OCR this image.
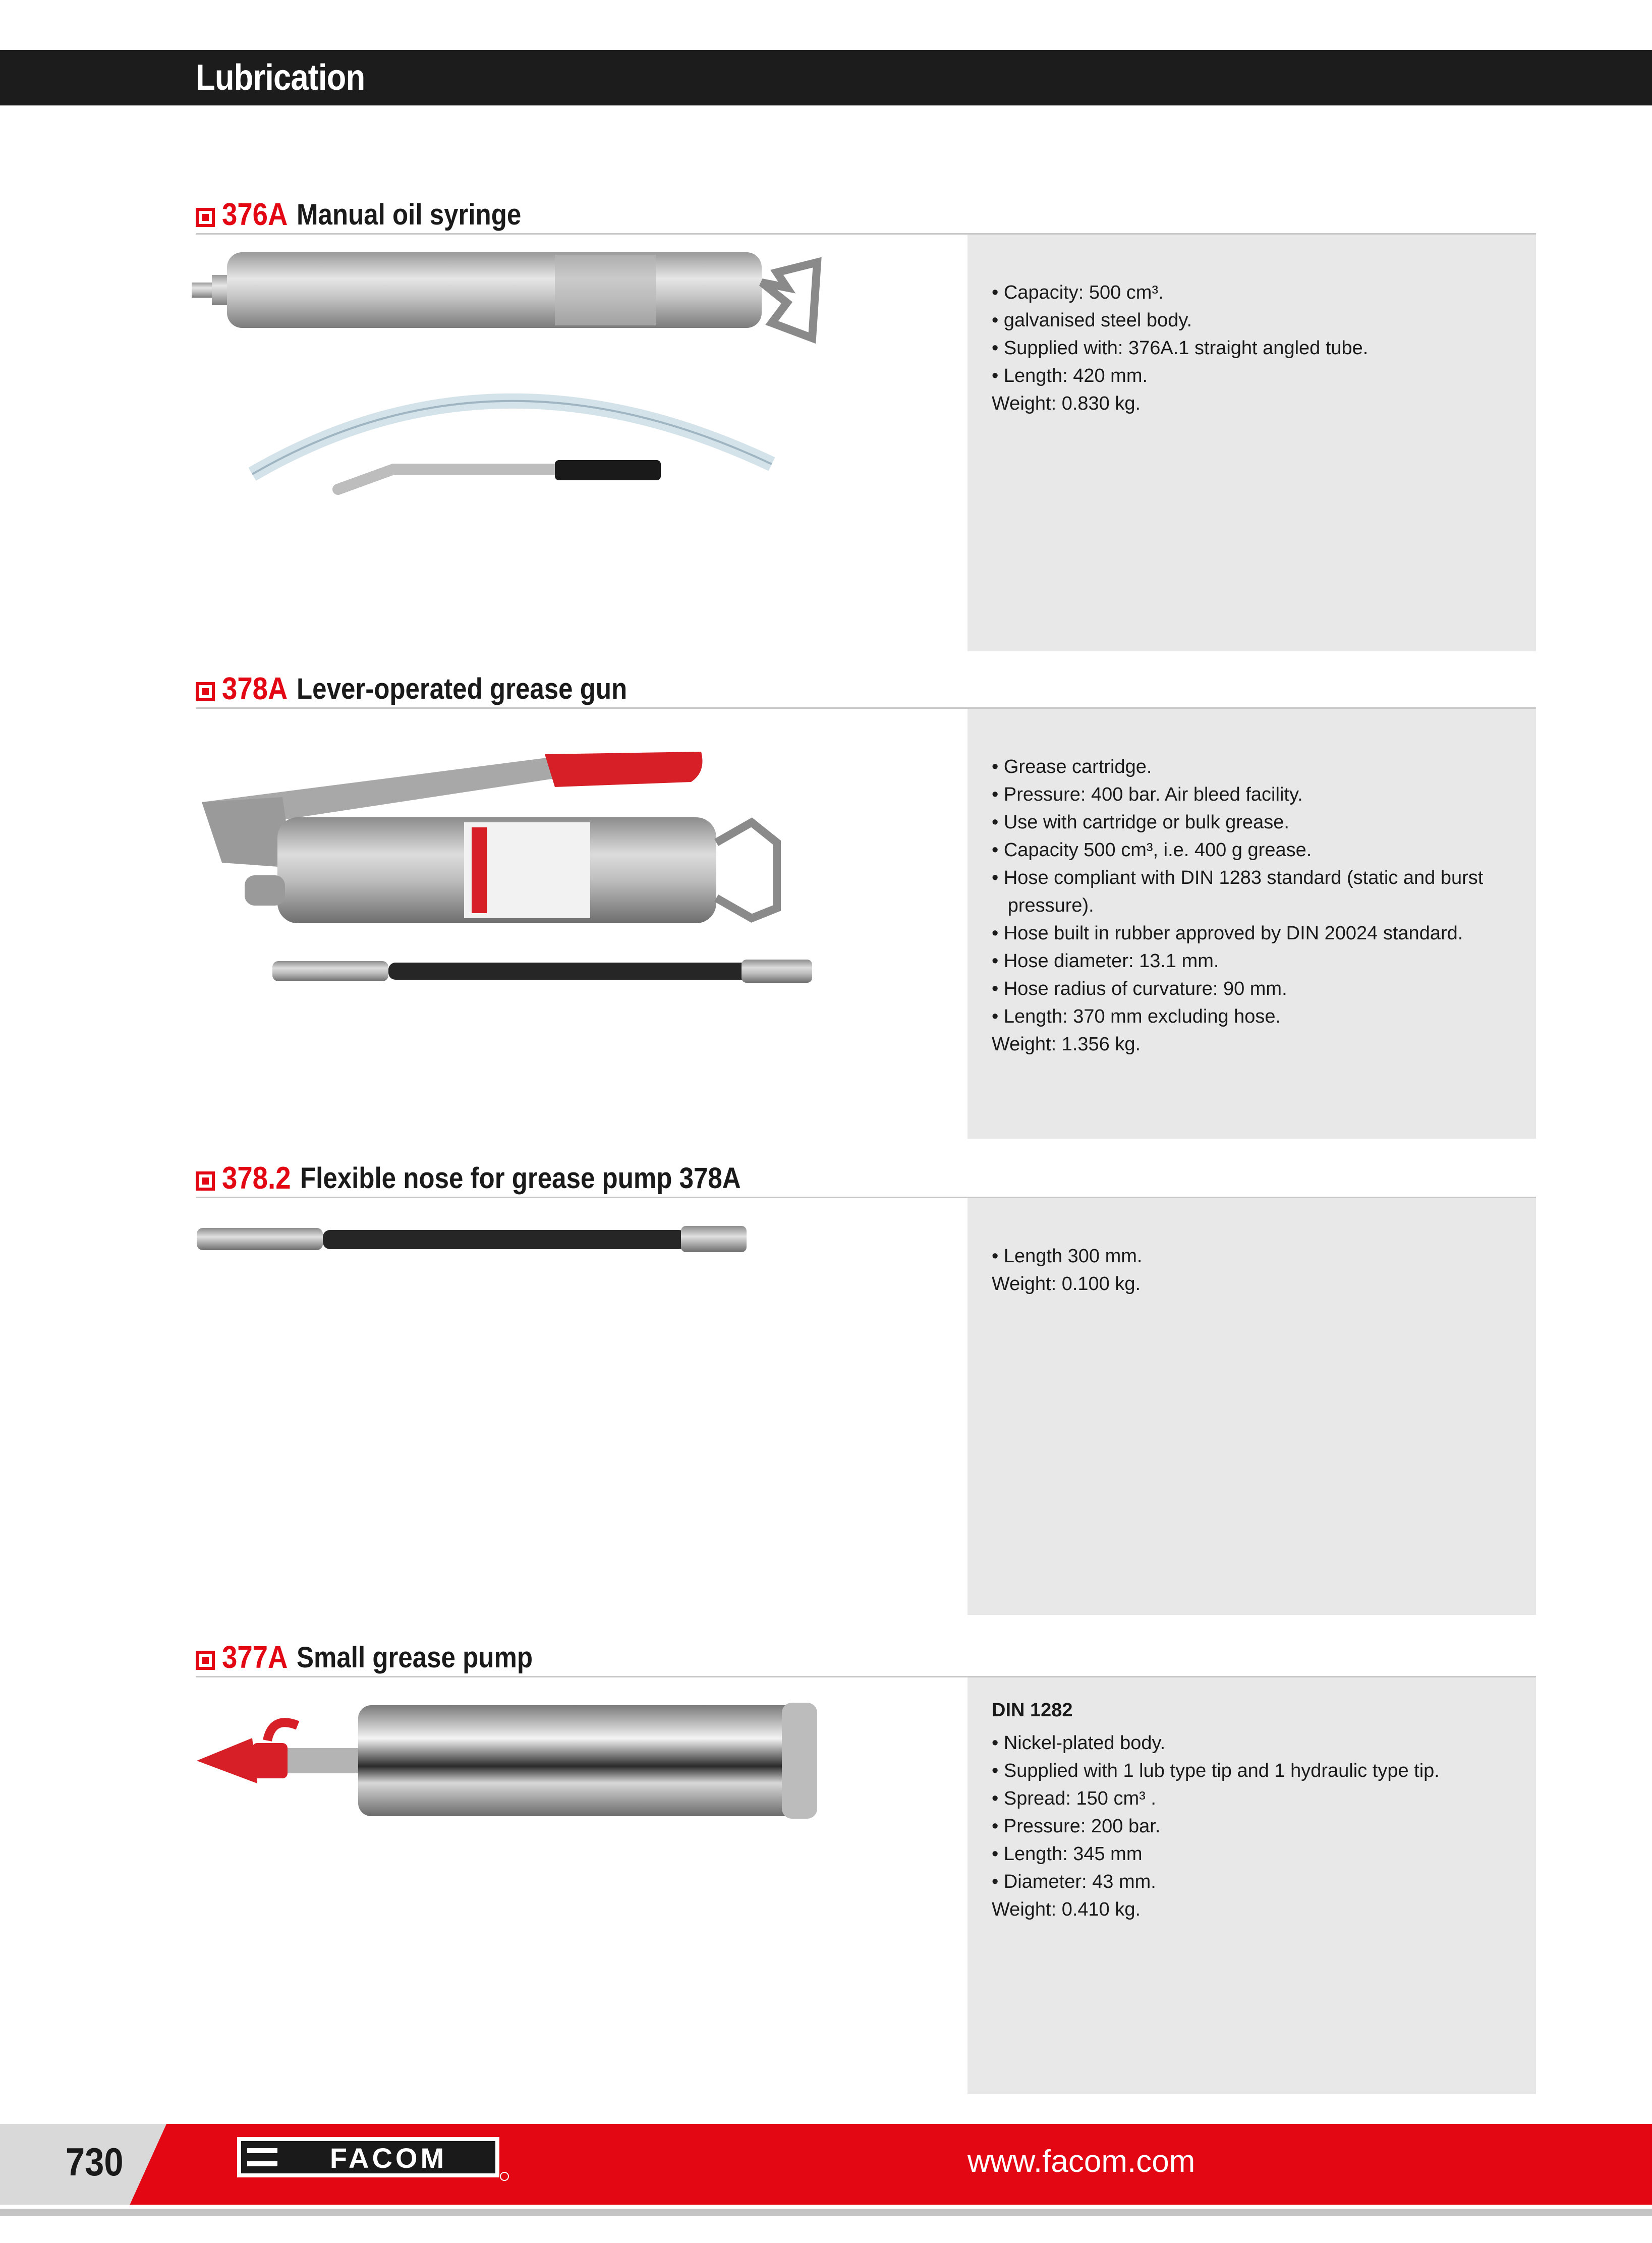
Lubrication
376A Manual oil syringe
• Capacity: 500 cm³.
• galvanised steel body.
• Supplied with: 376A.1 straight angled tube.
• Length: 420 mm.
Weight: 0.830 kg.
378A Lever-operated grease gun
• Grease cartridge.
• Pressure: 400 bar. Air bleed facility.
• Use with cartridge or bulk grease.
• Capacity 500 cm³, i.e. 400 g grease.
• Hose compliant with DIN 1283 standard (static and burst
pressure).
• Hose built in rubber approved by DIN 20024 standard.
• Hose diameter: 13.1 mm.
• Hose radius of curvature: 90 mm.
• Length: 370 mm excluding hose.
Weight: 1.356 kg.
378.2 Flexible nose for grease pump 378A
• Length 300 mm.
Weight: 0.100 kg.
377A Small grease pump
DIN 1282
• Nickel-plated body.
• Supplied with 1 lub type tip and 1 hydraulic type tip.
• Spread: 150 cm³ .
• Pressure: 200 bar.
• Length: 345 mm
• Diameter: 43 mm.
Weight: 0.410 kg.
730	FACOM	www.facom.com
